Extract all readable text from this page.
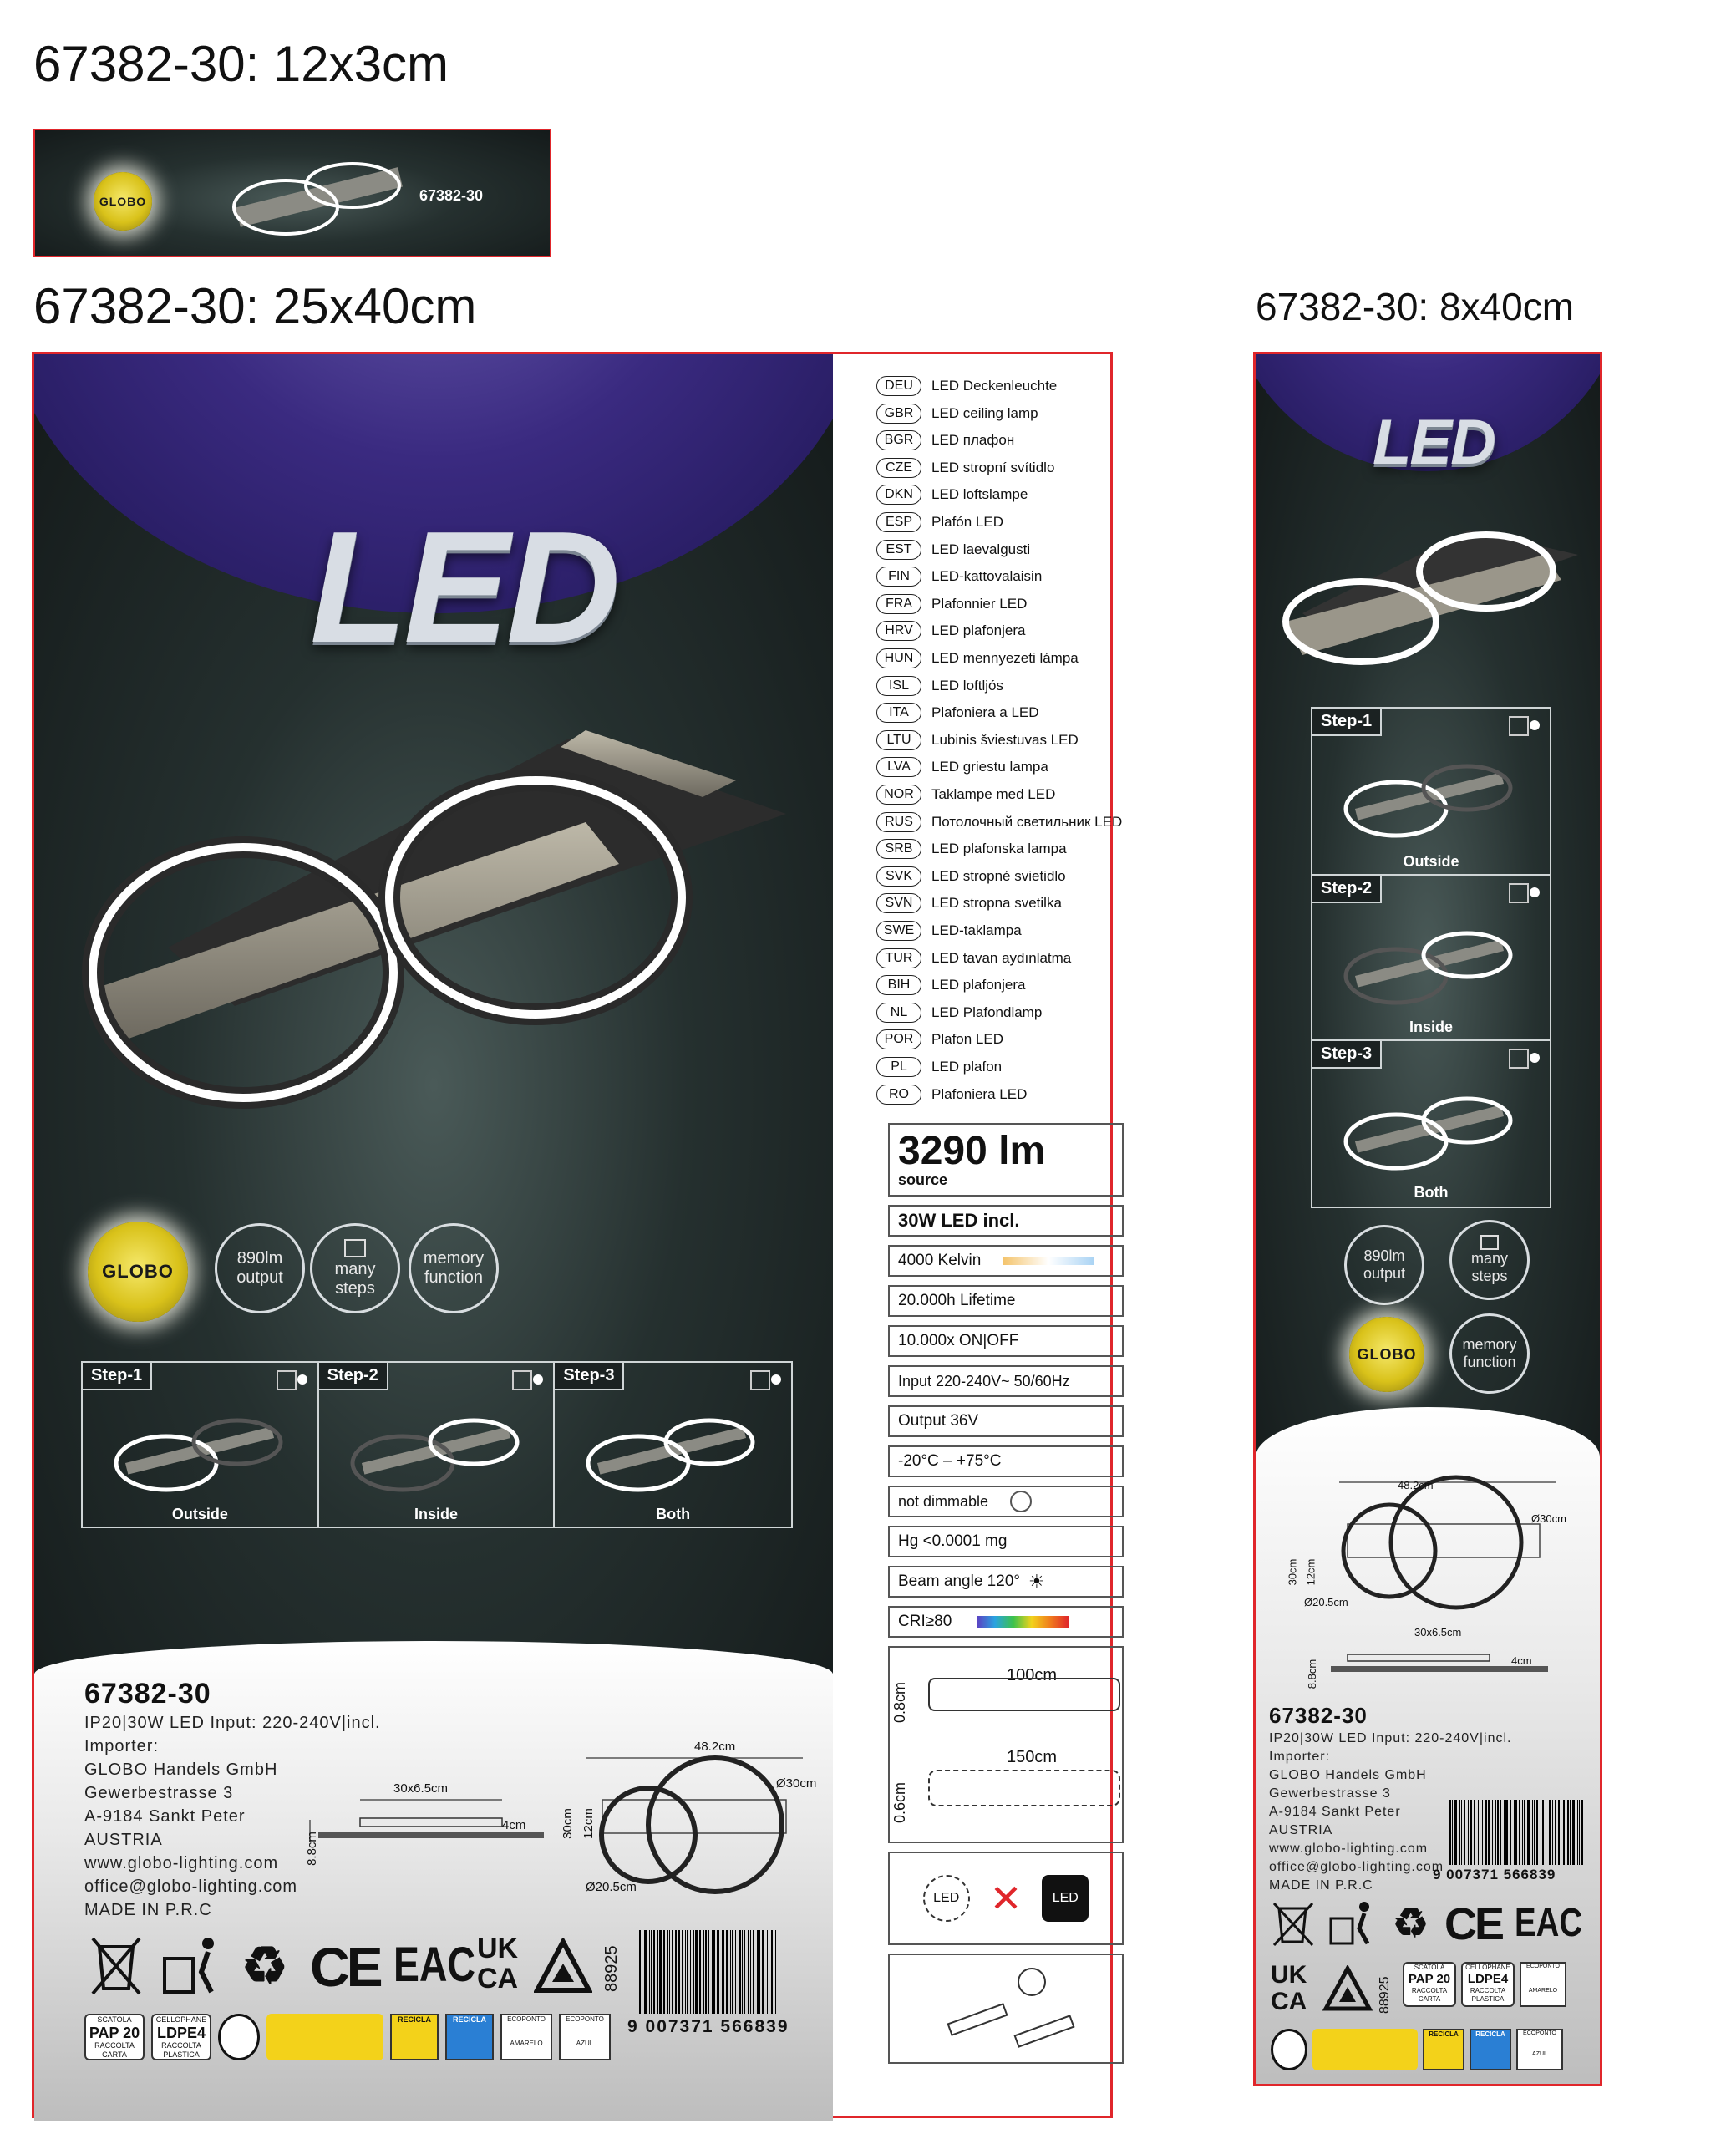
67382-30: 12x3cm
67382-30: 25x40cm	67382-30: 8x40cm
GLOBO	67382-30
LED
GLOBO
890lm
output	many
steps
memory
function
Step-1
Outside
Step-2
Inside
Step-3
Both
67382-30
IP20|30W LED Input: 220-240V|incl.
Importer:
GLOBO Handels GmbH
Gewerbestrasse 3
A-9184 Sankt Peter
AUSTRIA
www.globo-lighting.com
office@globo-lighting.com
MADE IN P.R.C
30x6.5cm
4cm
8.8cm
48.2cm
Ø30cm
Ø20.5cm
30cm 12cm
♻ CE EAC UK
CA	88925
9 007371 566839
SCATOLA
PAP 20
RACCOLTA CARTA
CELLOPHANE
LDPE4
RACCOLTA PLASTICA
RECICLA	RECICLA	ECOPONTO
AMARELO
ECOPONTO
AZUL
DEU	LED Deckenleuchte
GBR	LED ceiling lamp
BGR	LED плафон
CZE	LED stropní svítidlo
DKN	LED loftslampe
ESP	Plafón LED
EST	LED laevalgusti
FIN	LED-kattovalaisin
FRA	Plafonnier LED
HRV	LED plafonjera
HUN	LED mennyezeti lámpa
ISL	LED loftljós
ITA	Plafoniera a LED
LTU	Lubinis šviestuvas LED
LVA	LED griestu lampa
NOR	Taklampe med LED
RUS	Потолочный светильник LED
SRB	LED plafonska lampa
SVK	LED stropné svietidlo
SVN	LED stropna svetilka
SWE	LED-taklampa
TUR	LED tavan aydınlatma
BIH	LED plafonjera
NL	LED Plafondlamp
POR	Plafon LED
PL	LED plafon
RO	Plafoniera LED
3290 lm
source
30W LED incl.
4000 Kelvin
20.000h Lifetime
10.000x ON|OFF
Input 220-240V~ 50/60Hz
Output 36V
-20°C – +75°C
not dimmable
Hg <0.0001 mg
Beam angle 120° ☀
CRI≥80
100cm
0.8cm
150cm
0.6cm
LED ✕	LED
LED
Step-1
Outside
Step-2
Inside
Step-3
Both
890lm
output
many
steps
GLOBO
memory
function
48.2cm
Ø30cm
Ø20.5cm
30cm 12cm
30x6.5cm
4cm
8.8cm
67382-30
IP20|30W LED Input: 220-240V|incl.
Importer:
GLOBO Handels GmbH
Gewerbestrasse 3
A-9184 Sankt Peter
AUSTRIA
www.globo-lighting.com
office@globo-lighting.com
MADE IN P.R.C
9 007371 566839
♻ CE EAC
UK
CA	88925
SCATOLA
PAP 20
RACCOLTA CARTA
CELLOPHANE
LDPE4
RACCOLTA PLASTICA
ECOPONTO
AMARELO
RECICLA	RECICLA	ECOPONTO
AZUL
